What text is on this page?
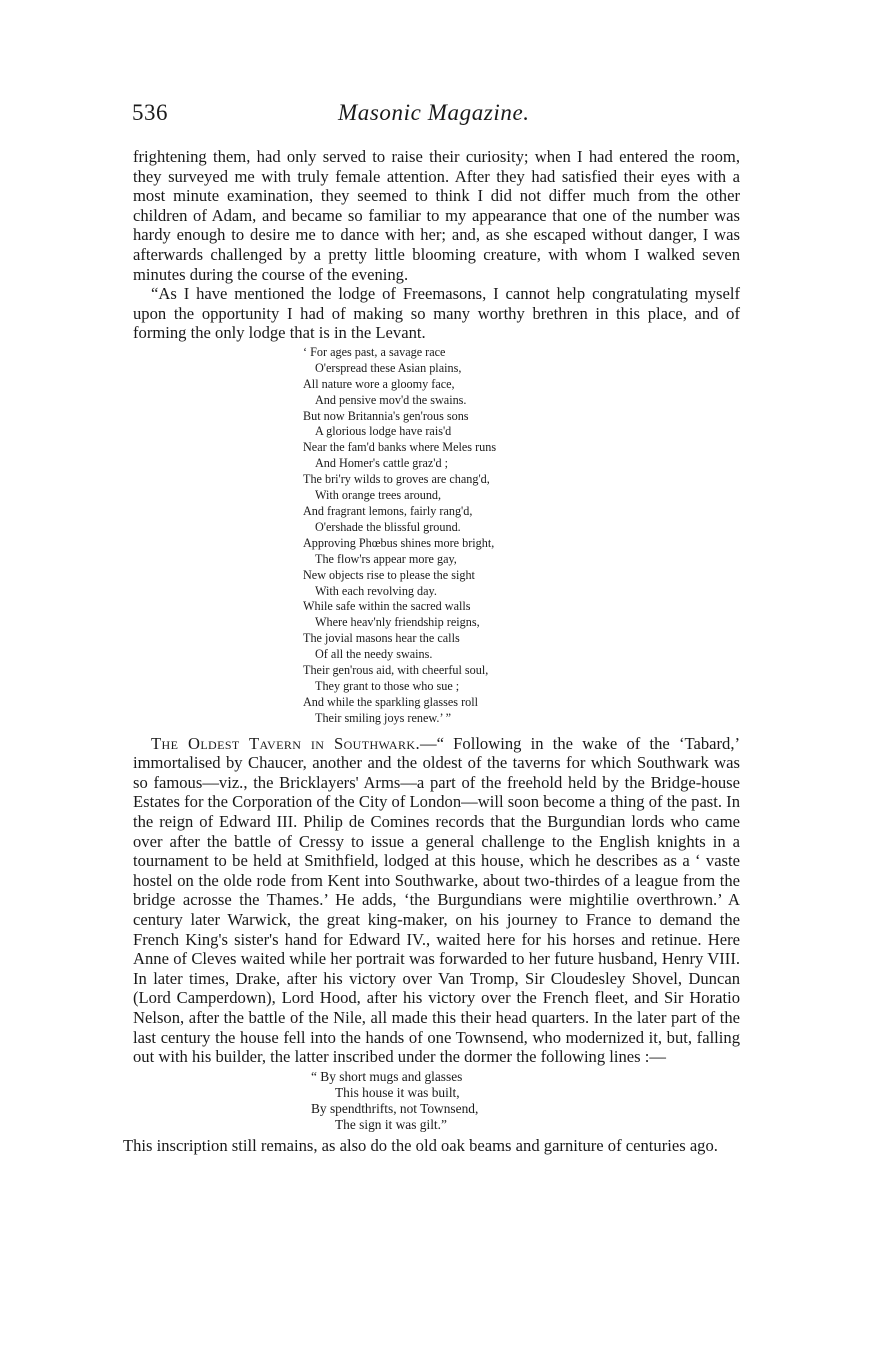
536	Masonic Magazine.

frightening them, had only served to raise their curiosity; when I had entered the room, they surveyed me with truly female attention. After they had satisfied their eyes with a most minute examination, they seemed to think I did not differ much from the other children of Adam, and became so familiar to my appearance that one of the number was hardy enough to desire me to dance with her; and, as she escaped without danger, I was afterwards challenged by a pretty little blooming creature, with whom I walked seven minutes during the course of the evening.

“As I have mentioned the lodge of Freemasons, I cannot help congratulating myself upon the opportunity I had of making so many worthy brethren in this place, and of forming the only lodge that is in the Levant.

‘ For ages past, a savage race
O'erspread these Asian plains,
All nature wore a gloomy face,
And pensive mov'd the swains.
But now Britannia's gen'rous sons
A glorious lodge have rais'd
Near the fam'd banks where Meles runs
And Homer's cattle graz'd ;
The bri'ry wilds to groves are chang'd,
With orange trees around,
And fragrant lemons, fairly rang'd,
O'ershade the blissful ground.
Approving Phœbus shines more bright,
The flow'rs appear more gay,
New objects rise to please the sight
With each revolving day.
While safe within the sacred walls
Where heav'nly friendship reigns,
The jovial masons hear the calls
Of all the needy swains.
Their gen'rous aid, with cheerful soul,
They grant to those who sue ;
And while the sparkling glasses roll
Their smiling joys renew.’ ”

The Oldest Tavern in Southwark.—“ Following in the wake of the ‘Tabard,’ immortalised by Chaucer, another and the oldest of the taverns for which Southwark was so famous—viz., the Bricklayers' Arms—a part of the freehold held by the Bridge-house Estates for the Corporation of the City of London—will soon become a thing of the past. In the reign of Edward III. Philip de Comines records that the Burgundian lords who came over after the battle of Cressy to issue a general challenge to the English knights in a tournament to be held at Smithfield, lodged at this house, which he describes as a ‘ vaste hostel on the olde rode from Kent into Southwarke, about two-thirdes of a league from the bridge acrosse the Thames.’ He adds, ‘the Burgundians were mightilie overthrown.’ A century later Warwick, the great king-maker, on his journey to France to demand the French King's sister's hand for Edward IV., waited here for his horses and retinue. Here Anne of Cleves waited while her portrait was forwarded to her future husband, Henry VIII. In later times, Drake, after his victory over Van Tromp, Sir Cloudesley Shovel, Duncan (Lord Camperdown), Lord Hood, after his victory over the French fleet, and Sir Horatio Nelson, after the battle of the Nile, all made this their head quarters. In the later part of the last century the house fell into the hands of one Townsend, who modernized it, but, falling out with his builder, the latter inscribed under the dormer the following lines :—

“ By short mugs and glasses
This house it was built,
By spendthrifts, not Townsend,
The sign it was gilt.”

This inscription still remains, as also do the old oak beams and garniture of centuries ago.
